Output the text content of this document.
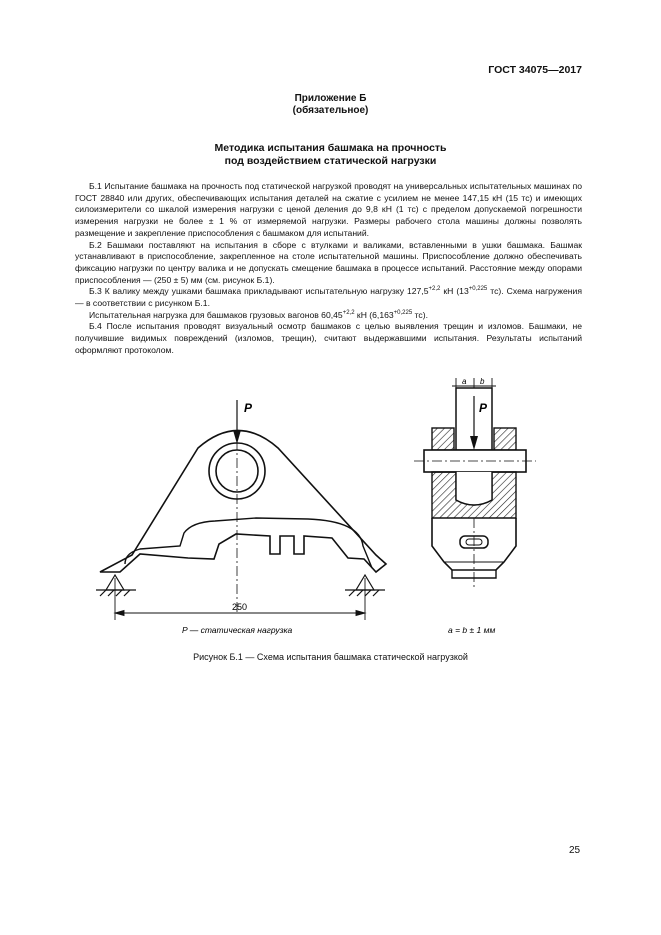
ГОСТ 34075—2017
Приложение Б
(обязательное)
Методика испытания башмака на прочность
под воздействием статической нагрузки

Б.1 Испытание башмака на прочность под статической нагрузкой проводят на универсальных испытательных машинах по ГОСТ 28840 или других, обеспечивающих испытания деталей на сжатие с усилием не менее 147,15 кН (15 тс) и имеющих силоизмерители со шкалой измерения нагрузки с ценой деления до 9,8 кН (1 тс) с пределом допускаемой погрешности измерения нагрузки не более ± 1 % от измеряемой нагрузки. Размеры рабочего стола машины должны позволять размещение и закрепление приспособления с башмаком для испытаний.

Б.2 Башмаки поставляют на испытания в сборе с втулками и валиками, вставленными в ушки башмака. Башмак устанавливают в приспособление, закрепленное на столе испытательной машины. Приспособление должно обеспечивать фиксацию нагрузки по центру валика и не допускать смещение башмака в процессе испытаний. Расстояние между опорами приспособления — (250 ± 5) мм (см. рисунок Б.1).

Б.3 К валику между ушками башмака прикладывают испытательную нагрузку $127,5^{+2,2}$ кН ($13^{+0,225}$ тс). Схема нагружения — в соответствии с рисунком Б.1.

Испытательная нагрузка для башмаков грузовых вагонов $60,45^{+2,2}$ кН ($6,163^{+0,225}$ тс).

Б.4 После испытания проводят визуальный осмотр башмаков с целью выявления трещин и изломов. Башмаки, не получившие видимых повреждений (изломов, трещин), считают выдержавшими испытания. Результаты испытаний оформляют протоколом.

P
250
P — статическая нагрузка
a b
P
a = b ± 1 мм
Рисунок Б.1 — Схема испытания башмака статической нагрузкой
25
